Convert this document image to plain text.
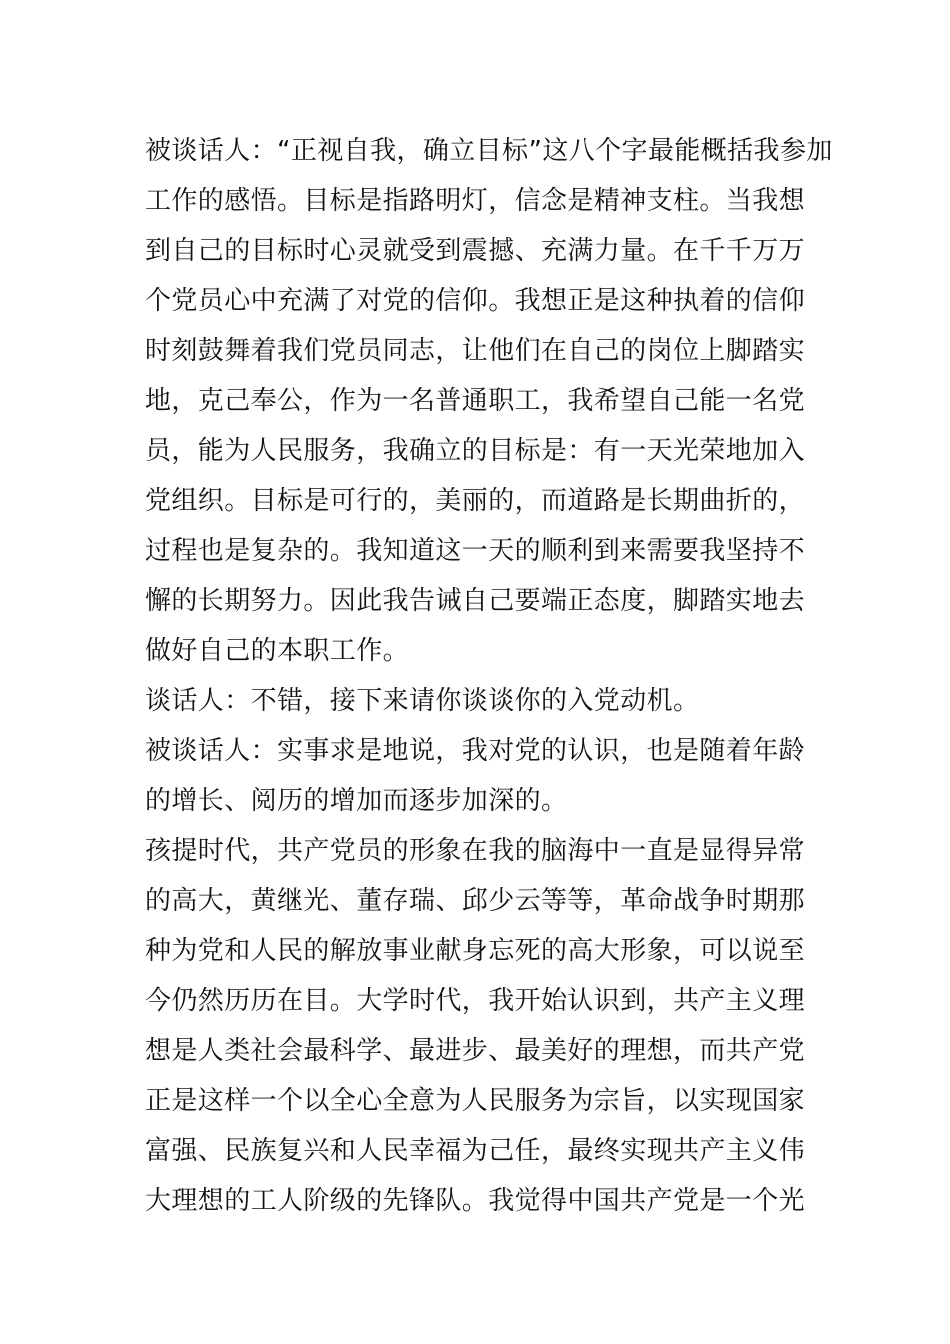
被谈话人：“正视自我，确立目标”这八个字最能概括我参加
工作的感悟。目标是指路明灯，信念是精神支柱。当我想
到自己的目标时心灵就受到震撼、充满力量。在千千万万
个党员心中充满了对党的信仰。我想正是这种执着的信仰
时刻鼓舞着我们党员同志，让他们在自己的岗位上脚踏实
地，克己奉公，作为一名普通职工，我希望自己能一名党
员，能为人民服务，我确立的目标是：有一天光荣地加入
党组织。目标是可行的，美丽的，而道路是长期曲折的，
过程也是复杂的。我知道这一天的顺利到来需要我坚持不
懈的长期努力。因此我告诫自己要端正态度，脚踏实地去
做好自己的本职工作。
谈话人：不错，接下来请你谈谈你的入党动机。
被谈话人：实事求是地说，我对党的认识，也是随着年龄
的增长、阅历的增加而逐步加深的。
孩提时代，共产党员的形象在我的脑海中一直是显得异常
的高大，黄继光、董存瑞、邱少云等等，革命战争时期那
种为党和人民的解放事业献身忘死的高大形象，可以说至
今仍然历历在目。大学时代，我开始认识到，共产主义理
想是人类社会最科学、最进步、最美好的理想，而共产党
正是这样一个以全心全意为人民服务为宗旨，以实现国家
富强、民族复兴和人民幸福为己任，最终实现共产主义伟
大理想的工人阶级的先锋队。我觉得中国共产党是一个光
